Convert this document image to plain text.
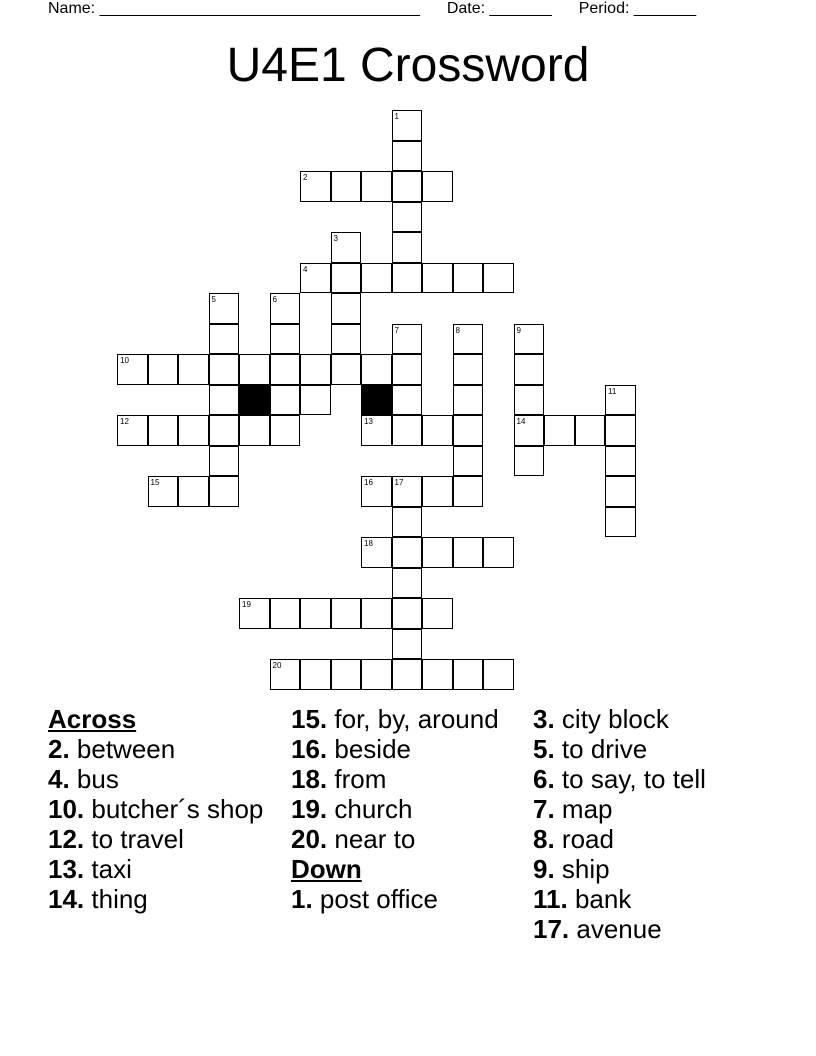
Name: ____________________________________ Date: _______ Period: _______
U4E1 Crossword
1
2
3
4
5	6
7	8	9
10
11
12	13	14
15	16	17
18
19
20
Across
2. between
4. bus
10. butcher´s shop
12. to travel
13. taxi
14. thing
15. for, by, around
16. beside
18. from
19. church
20. near to
Down
1. post office
3. city block
5. to drive
6. to say, to tell
7. map
8. road
9. ship
11. bank
17. avenue
